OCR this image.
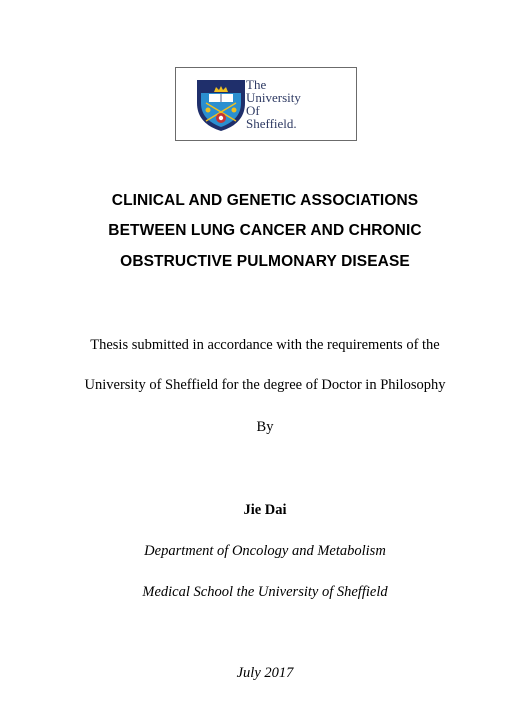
The
University
Of
Sheffield.
CLINICAL AND GENETIC ASSOCIATIONS
BETWEEN LUNG CANCER AND CHRONIC
OBSTRUCTIVE PULMONARY DISEASE
Thesis submitted in accordance with the requirements of the
University of Sheffield for the degree of Doctor in Philosophy
By
Jie Dai
Department of Oncology and Metabolism
Medical School the University of Sheffield
July 2017
